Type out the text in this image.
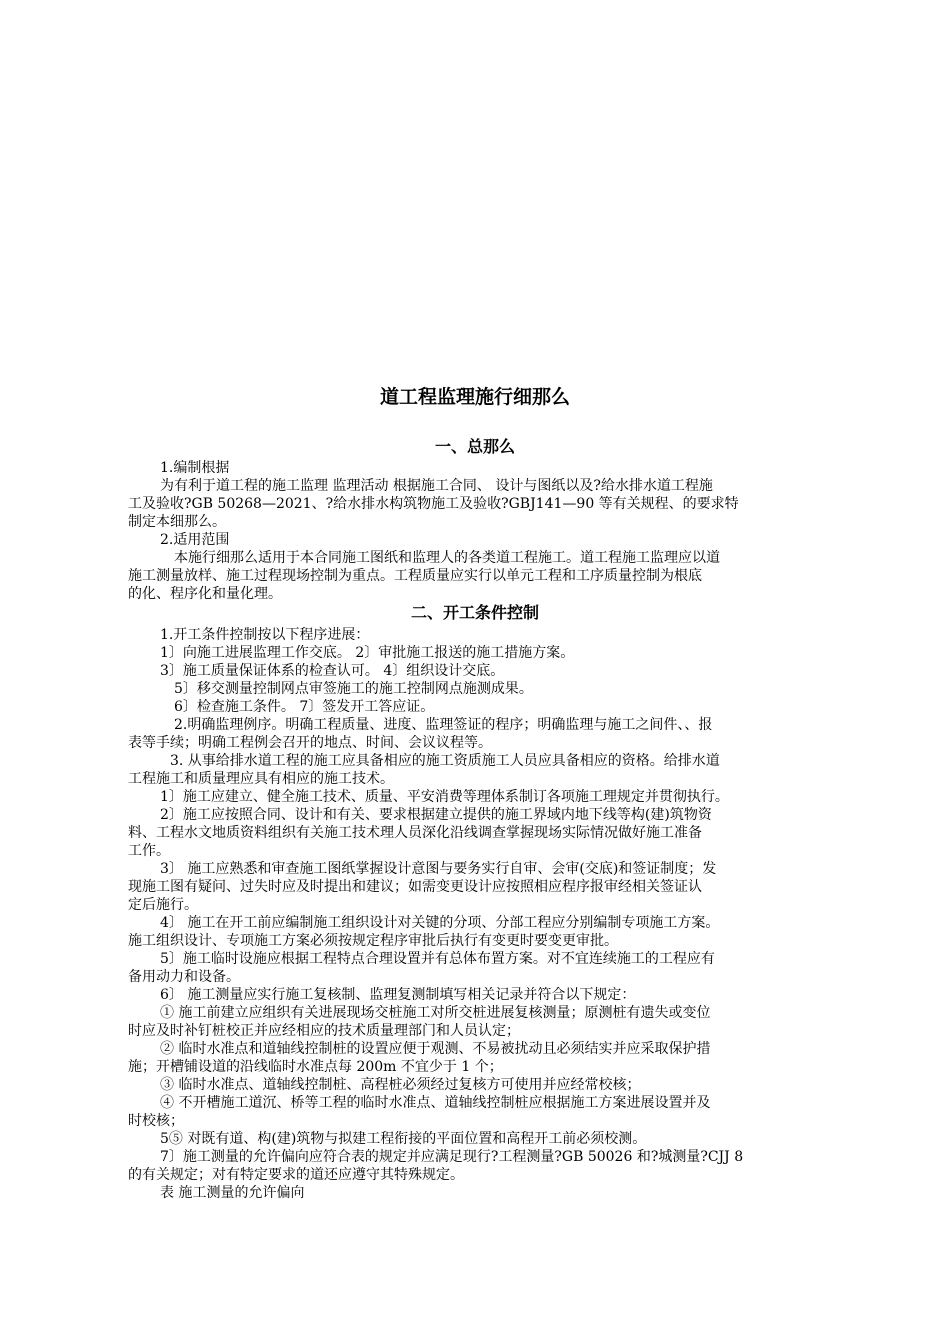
道工程监理施行细那么
一、总那么
1.编制根据
为有利于道工程的施工监理 监理活动 根据施工合同、 设计与图纸以及?给水排水道工程施
工及验收?GB 50268—2021、?给水排水构筑物施工及验收?GBJ141—90 等有关规程、的要求特
制定本细那么。
2.适用范围
本施行细那么适用于本合同施工图纸和监理人的各类道工程施工。道工程施工监理应以道
施工测量放样、施工过程现场控制为重点。工程质量应实行以单元工程和工序质量控制为根底
的化、程序化和量化理。
二、开工条件控制
1.开工条件控制按以下程序进展：
1〕向施工进展监理工作交底。 2〕审批施工报送的施工措施方案。
3〕施工质量保证体系的检查认可。 4〕组织设计交底。
5〕移交测量控制网点审签施工的施工控制网点施测成果。
6〕检查施工条件。 7〕签发开工答应证。
2.明确监理例序。明确工程质量、进度、监理签证的程序；明确监理与施工之间件、、报
表等手续；明确工程例会召开的地点、时间、会议议程等。
3. 从事给排水道工程的施工应具备相应的施工资质施工人员应具备相应的资格。给排水道
工程施工和质量理应具有相应的施工技术。
1〕施工应建立、健全施工技术、质量、平安消费等理体系制订各项施工理规定并贯彻执行。
2〕施工应按照合同、设计和有关、要求根据建立提供的施工界域内地下线等构(建)筑物资
料、工程水文地质资料组织有关施工技术理人员深化沿线调查掌握现场实际情况做好施工准备
工作。
3〕 施工应熟悉和审查施工图纸掌握设计意图与要务实行自审、会审(交底)和签证制度；发
现施工图有疑问、过失时应及时提出和建议；如需变更设计应按照相应程序报审经相关签证认
定后施行。
4〕 施工在开工前应编制施工组织设计对关键的分项、分部工程应分别编制专项施工方案。
施工组织设计、专项施工方案必须按规定程序审批后执行有变更时要变更审批。
5〕施工临时设施应根据工程特点合理设置并有总体布置方案。对不宜连续施工的工程应有
备用动力和设备。
6〕 施工测量应实行施工复核制、监理复测制填写相关记录并符合以下规定：
① 施工前建立应组织有关进展现场交桩施工对所交桩进展复核测量；原测桩有遗失或变位
时应及时补钉桩校正并应经相应的技术质量理部门和人员认定；
② 临时水准点和道轴线控制桩的设置应便于观测、不易被扰动且必须结实并应采取保护措
施；开槽铺设道的沿线临时水准点每 200m 不宜少于 1 个；
③ 临时水准点、道轴线控制桩、高程桩必须经过复核方可使用并应经常校核；
④ 不开槽施工道沉、桥等工程的临时水准点、道轴线控制桩应根据施工方案进展设置并及
时校核；
5⑤ 对既有道、构(建)筑物与拟建工程衔接的平面位置和高程开工前必须校测。
7〕施工测量的允许偏向应符合表的规定并应满足现行?工程测量?GB 50026 和?城测量?CJJ 8
的有关规定；对有特定要求的道还应遵守其特殊规定。
表 施工测量的允许偏向
